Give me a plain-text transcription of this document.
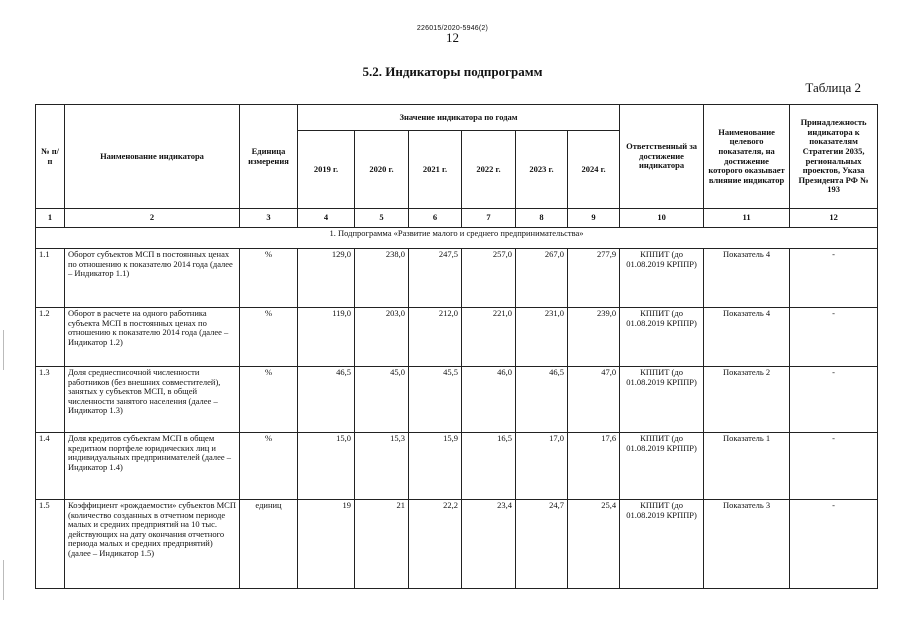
226015/2020-5946(2)
12
5.2. Индикаторы подпрограмм
Таблица 2
№ п/п	Наименование индикатора	Единица измерения	Значение индикатора по годам						Ответственный за достижение индикатора	Наименование целевого показателя, на достижение которого оказывает влияние индикатор	Принадлежность индикатора к показателям Стратегии 2035, региональных проектов, Указа Президента РФ № 193
			2019 г.	2020 г.	2021 г.	2022 г.	2023 г.	2024 г.			
1	2	3	4	5	6	7	8	9	10	11	12
1. Подпрограмма «Развитие малого и среднего предпринимательства»											
1.1	Оборот субъектов МСП в постоянных ценах по отношению к показателю 2014 года (далее – Индикатор 1.1)	%	129,0	238,0	247,5	257,0	267,0	277,9	КППИТ (до 01.08.2019 КРППР)	Показатель 4	-
1.2	Оборот в расчете на одного работника субъекта МСП в постоянных ценах по отношению к показателю 2014 года (далее – Индикатор 1.2)	%	119,0	203,0	212,0	221,0	231,0	239,0	КППИТ (до 01.08.2019 КРППР)	Показатель 4	-
1.3	Доля среднесписочной численности работников (без внешних совместителей), занятых у субъектов МСП, в общей численности занятого населения (далее – Индикатор 1.3)	%	46,5	45,0	45,5	46,0	46,5	47,0	КППИТ (до 01.08.2019 КРППР)	Показатель 2	-
1.4	Доля кредитов субъектам МСП в общем кредитном портфеле юридических лиц и индивидуальных предпринимателей (далее – Индикатор 1.4)	%	15,0	15,3	15,9	16,5	17,0	17,6	КППИТ (до 01.08.2019 КРППР)	Показатель 1	-
1.5	Коэффициент «рождаемости» субъектов МСП (количество созданных в отчетном периоде малых и средних предприятий на 10 тыс. действующих на дату окончания отчетного периода малых и средних предприятий) (далее – Индикатор 1.5)	единиц	19	21	22,2	23,4	24,7	25,4	КППИТ (до 01.08.2019 КРППР)	Показатель 3	-
